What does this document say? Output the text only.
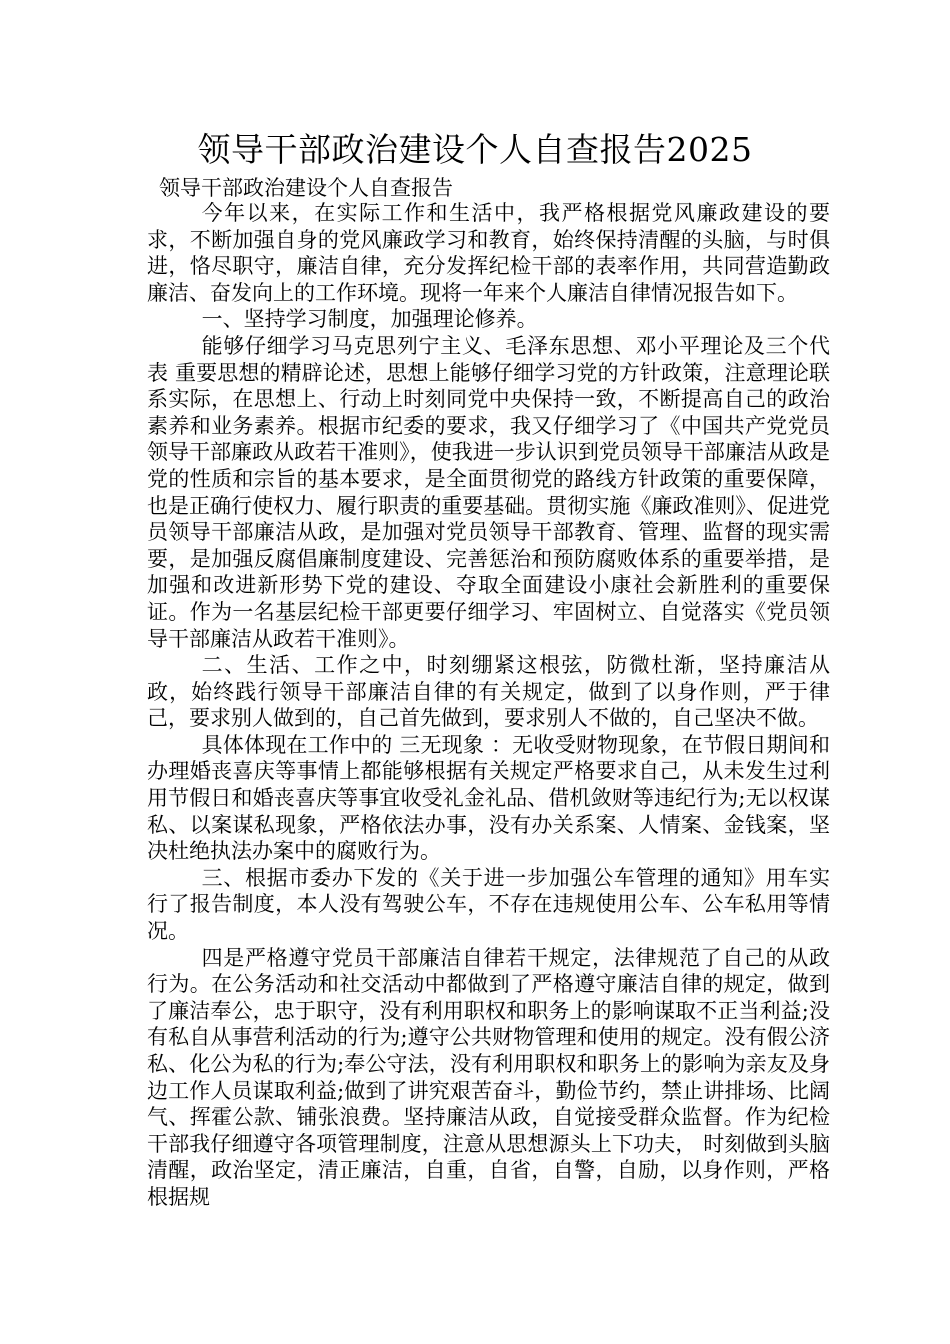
领导干部政治建设个人自查报告2025
领导干部政治建设个人自查报告

今年以来，在实际工作和生活中，我严格根据党风廉政建设的要求，不断加强自身的党风廉政学习和教育，始终保持清醒的头脑，与时俱进，恪尽职守，廉洁自律，充分发挥纪检干部的表率作用，共同营造勤政廉洁、奋发向上的工作环境。现将一年来个人廉洁自律情况报告如下。

一、坚持学习制度，加强理论修养。

能够仔细学习马克思列宁主义、毛泽东思想、邓小平理论及三个代表 重要思想的精辟论述，思想上能够仔细学习党的方针政策，注意理论联系实际，在思想上、行动上时刻同党中央保持一致，不断提高自己的政治素养和业务素养。根据市纪委的要求，我又仔细学习了《中国共产党党员领导干部廉政从政若干准则》，使我进一步认识到党员领导干部廉洁从政是党的性质和宗旨的基本要求，是全面贯彻党的路线方针政策的重要保障，也是正确行使权力、履行职责的重要基础。贯彻实施《廉政准则》、促进党员领导干部廉洁从政，是加强对党员领导干部教育、管理、监督的现实需要，是加强反腐倡廉制度建设、完善惩治和预防腐败体系的重要举措，是加强和改进新形势下党的建设、夺取全面建设小康社会新胜利的重要保证。作为一名基层纪检干部更要仔细学习、牢固树立、自觉落实《党员领导干部廉洁从政若干准则》。

二、生活、工作之中，时刻绷紧这根弦，防微杜渐，坚持廉洁从政，始终践行领导干部廉洁自律的有关规定，做到了以身作则，严于律己，要求别人做到的，自己首先做到，要求别人不做的，自己坚决不做。

具体体现在工作中的 三无现象 ：无收受财物现象，在节假日期间和办理婚丧喜庆等事情上都能够根据有关规定严格要求自己，从未发生过利用节假日和婚丧喜庆等事宜收受礼金礼品、借机敛财等违纪行为;无以权谋私、以案谋私现象，严格依法办事，没有办关系案、人情案、金钱案，坚决杜绝执法办案中的腐败行为。

三、根据市委办下发的《关于进一步加强公车管理的通知》用车实行了报告制度，本人没有驾驶公车，不存在违规使用公车、公车私用等情况。

四是严格遵守党员干部廉洁自律若干规定，法律规范了自己的从政行为。在公务活动和社交活动中都做到了严格遵守廉洁自律的规定，做到了廉洁奉公，忠于职守，没有利用职权和职务上的影响谋取不正当利益;没有私自从事营利活动的行为;遵守公共财物管理和使用的规定。没有假公济私、化公为私的行为;奉公守法，没有利用职权和职务上的影响为亲友及身边工作人员谋取利益;做到了讲究艰苦奋斗，勤俭节约，禁止讲排场、比阔气、挥霍公款、铺张浪费。坚持廉洁从政，自觉接受群众监督。作为纪检干部我仔细遵守各项管理制度，注意从思想源头上下功夫， 时刻做到头脑清醒，政治坚定，清正廉洁，自重，自省，自警，自励，以身作则，严格根据规
